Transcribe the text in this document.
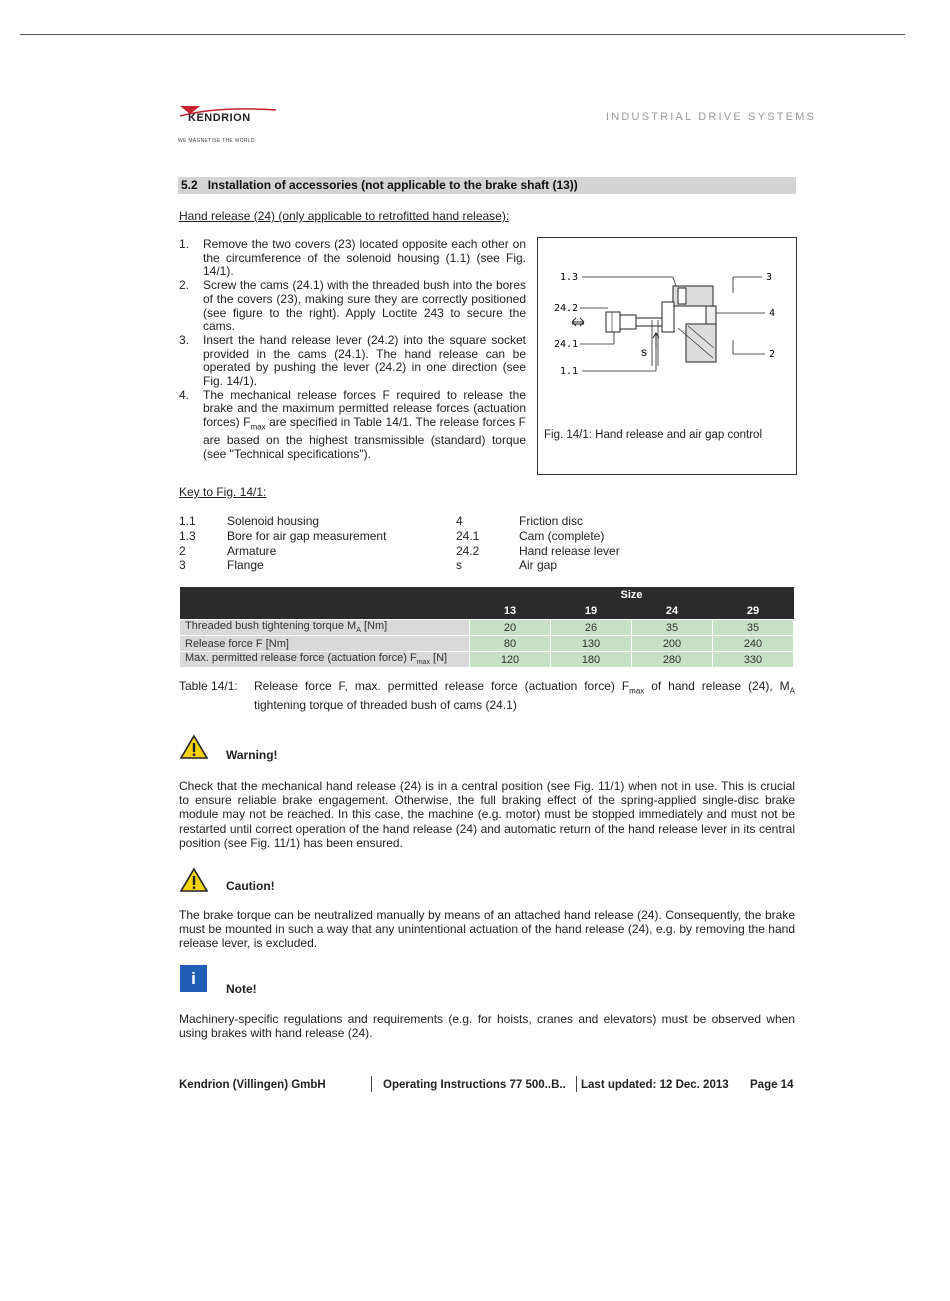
KENDRION
WE MAGNETISE THE WORLD
INDUSTRIAL DRIVE SYSTEMS
5.2 Installation of accessories (not applicable to the brake shaft (13))
Hand release (24) (only applicable to retrofitted hand release):
1.	Remove the two covers (23) located opposite each other on the circumference of the solenoid housing (1.1) (see Fig. 14/1).
2.	Screw the cams (24.1) with the threaded bush into the bores of the covers (23), making sure they are correctly positioned (see figure to the right). Apply Loctite 243 to secure the cams.
3.	Insert the hand release lever (24.2) into the square socket provided in the cams (24.1). The hand release can be operated by pushing the lever (24.2) in one direction (see Fig. 14/1).
4.	The mechanical release forces F required to release the brake and the maximum permitted release forces (actuation forces) $F_{max}$ are specified in Table 14/1. The release forces F are based on the highest transmissible (standard) torque (see "Technical specifications").
1.3
24.2
24.1
1.1
3
4
2
s
Fig. 14/1: Hand release and air gap control
Key to Fig. 14/1:
1.1	Solenoid housing	4	Friction disc
1.3	Bore for air gap measurement	24.1	Cam (complete)
2	Armature	24.2	Hand release lever
3	Flange	s	Air gap
	Size			
	13	19	24	29
Threaded bush tightening torque $M_A$ [Nm]	20	26	35	35
Release force F [Nm]	80	130	200	240
Max. permitted release force (actuation force) $F_{max}$ [N]	120	180	280	330
Table 14/1:	Release force F, max. permitted release force (actuation force) $F_{max}$ of hand release (24), $M_A$ tightening torque of threaded bush of cams (24.1)
Warning!
Check that the mechanical hand release (24) is in a central position (see Fig. 11/1) when not in use. This is crucial to ensure reliable brake engagement. Otherwise, the full braking effect of the spring-applied single-disc brake module may not be reached. In this case, the machine (e.g. motor) must be stopped immediately and must not be restarted until correct operation of the hand release (24) and automatic return of the hand release lever in its central position (see Fig. 11/1) has been ensured.
Caution!
The brake torque can be neutralized manually by means of an attached hand release (24). Consequently, the brake must be mounted in such a way that any unintentional actuation of the hand release (24), e.g. by removing the hand release lever, is excluded.
i
Note!
Machinery-specific regulations and requirements (e.g. for hoists, cranes and elevators) must be observed when using brakes with hand release (24).
Kendrion (Villingen) GmbH	Operating Instructions 77 500..B.. Last updated: 12 Dec. 2013 Page 14
